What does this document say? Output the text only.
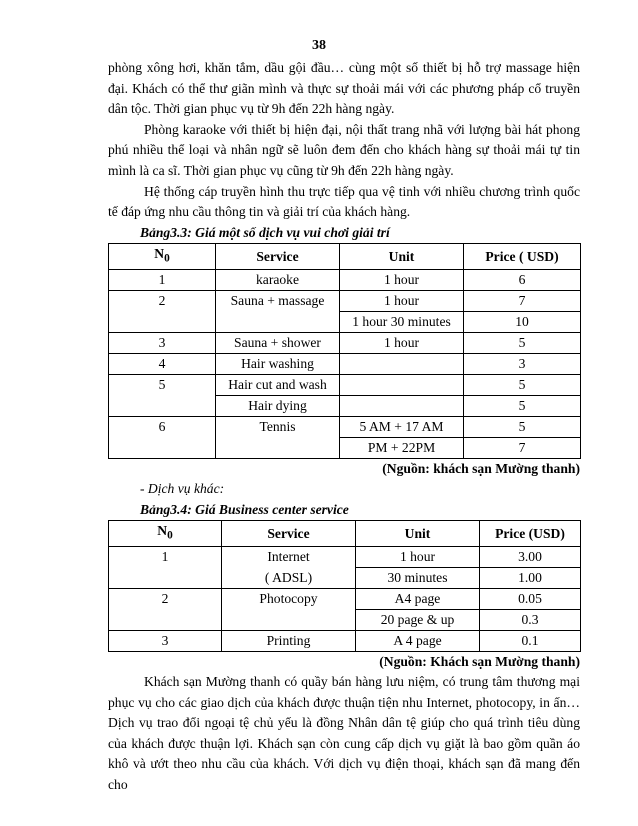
38

phòng xông hơi, khăn tắm, dầu gội đầu… cùng một số thiết bị hỗ trợ massage hiện đại. Khách có thể thư giãn mình và thực sự thoải mái với các phương pháp cổ truyền dân tộc. Thời gian phục vụ từ 9h đến 22h hàng ngày.

Phòng karaoke với thiết bị hiện đại, nội thất trang nhã với lượng bài hát phong phú nhiều thể loại và nhân ngữ sẽ luôn đem đến cho khách hàng sự thoải mái tự tin mình là ca sĩ. Thời gian phục vụ cũng từ 9h đến 22h hàng ngày.

Hệ thống cáp truyền hình thu trực tiếp qua vệ tinh với nhiều chương trình quốc tế đáp ứng nhu cầu thông tin và giải trí của khách hàng.

Bảng3.3: Giá một số dịch vụ vui chơi giải trí
$N_0$	Service	Unit	Price ( USD)
1	karaoke	1 hour	6
2	Sauna + massage	1 hour	7
		1 hour 30 minutes	10
3	Sauna + shower	1 hour	5
4	Hair washing		3
5	Hair cut and wash		5
	Hair dying		5
6	Tennis	5 AM + 17 AM	5
		PM + 22PM	7
(Nguồn: khách sạn Mường thanh)
- Dịch vụ khác:
Bảng3.4: Giá Business center service
$N_0$	Service	Unit	Price (USD)
1	Internet	1 hour	3.00
	( ADSL)	30 minutes	1.00
2	Photocopy	A4 page	0.05
		20 page & up	0.3
3	Printing	A 4 page	0.1
(Nguồn: Khách sạn Mường thanh)

Khách sạn Mường thanh có quầy bán hàng lưu niệm, có trung tâm thương mại phục vụ cho các giao dịch của khách được thuận tiện nhu Internet, photocopy, in ấn… Dịch vụ trao đổi ngoại tệ chủ yếu là đồng Nhân dân tệ giúp cho quá trình tiêu dùng của khách được thuận lợi. Khách sạn còn cung cấp dịch vụ giặt là bao gồm quần áo khô và ướt theo nhu cầu của khách. Với dịch vụ điện thoại, khách sạn đã mang đến cho
